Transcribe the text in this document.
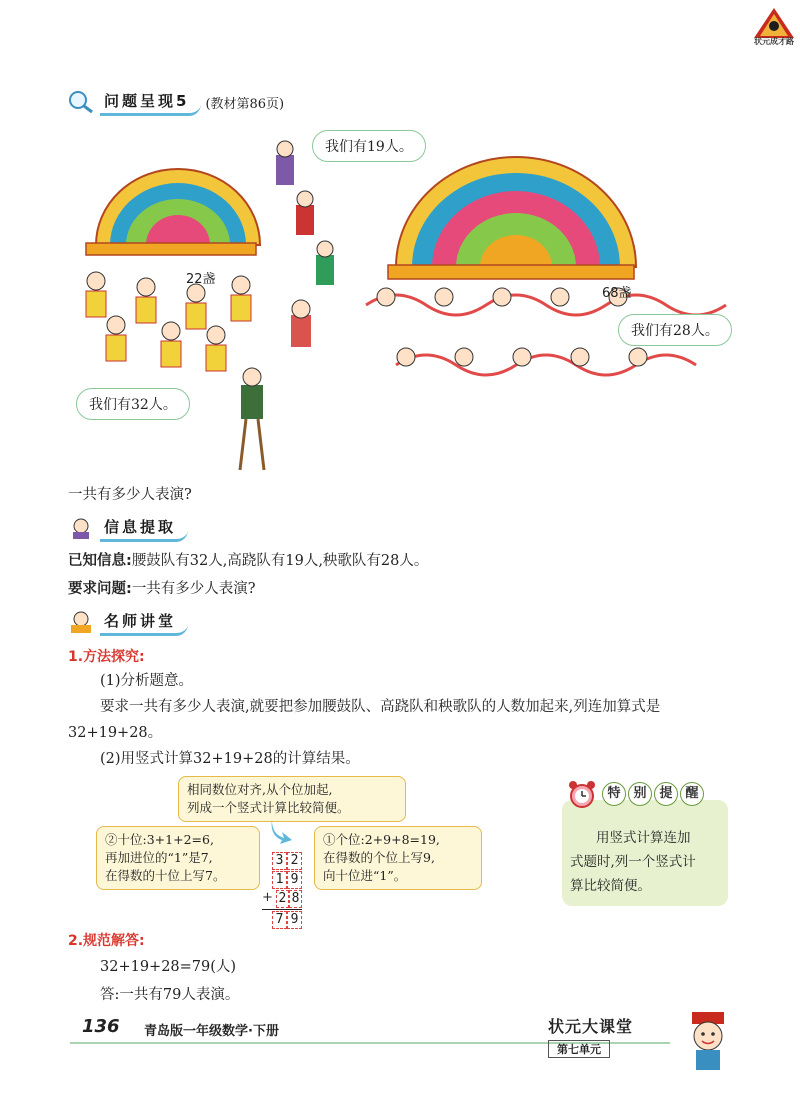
状元成才路
问题呈现5	(教材第86页)
我们有19人。
我们有32人。
我们有28人。
22盏
68盏
一共有多少人表演?
信息提取
已知信息:腰鼓队有32人,高跷队有19人,秧歌队有28人。
要求问题:一共有多少人表演?
名师讲堂
1.方法探究:
(1)分析题意。
要求一共有多少人表演,就要把参加腰鼓队、高跷队和秧歌队的人数加起来,列连加算式是
32+19+28。
(2)用竖式计算32+19+28的计算结果。
相同数位对齐,从个位加起,
列成一个竖式计算比较简便。
②十位:3+1+2=6,
再加进位的“1”是7,
在得数的十位上写7。
①个位:2+9+8=19,
在得数的个位上写9,
向十位进“1”。
3 2
1 9
+ 2 8
7 9
特 别 提 醒
用竖式计算连加
式题时,列一个竖式计
算比较简便。
2.规范解答:
32+19+28=79(人)
答:一共有79人表演。
136 青岛版一年级数学·下册	状元大课堂
第七单元
